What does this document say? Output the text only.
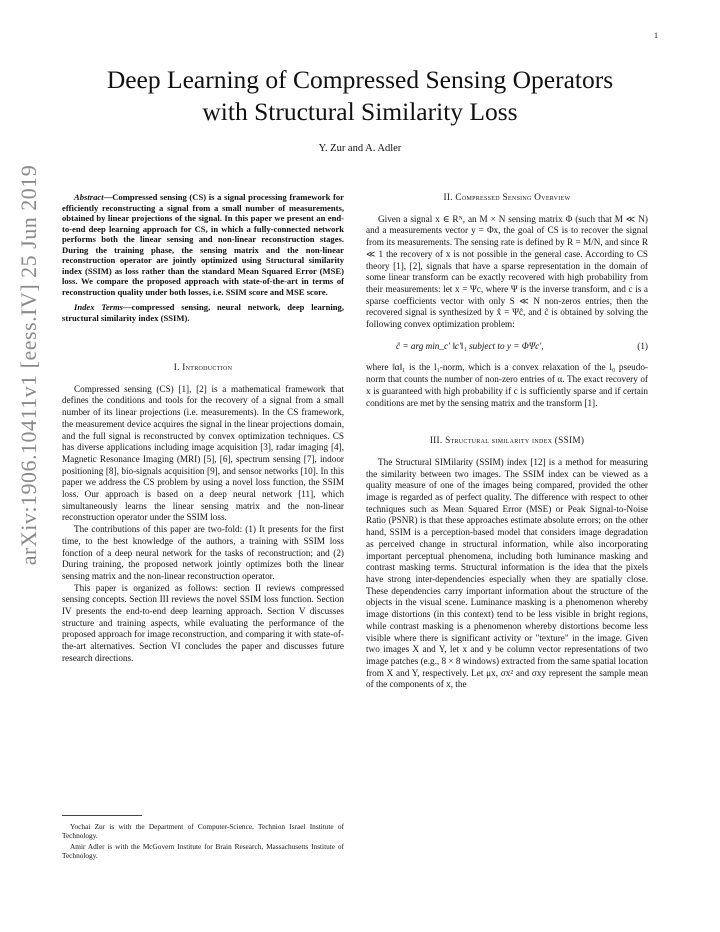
1
arXiv:1906.10411v1 [eess.IV] 25 Jun 2019
Deep Learning of Compressed Sensing Operators
with Structural Similarity Loss
Y. Zur and A. Adler

Abstract—Compressed sensing (CS) is a signal processing framework for efficiently reconstructing a signal from a small number of measurements, obtained by linear projections of the signal. In this paper we present an end-to-end deep learning approach for CS, in which a fully-connected network performs both the linear sensing and non-linear reconstruction stages. During the training phase, the sensing matrix and the non-linear reconstruction operator are jointly optimized using Structural similarity index (SSIM) as loss rather than the standard Mean Squared Error (MSE) loss. We compare the proposed approach with state-of-the-art in terms of reconstruction quality under both losses, i.e. SSIM score and MSE score.

Index Terms—compressed sensing, neural network, deep learning, structural similarity index (SSIM).

I. Introduction

Compressed sensing (CS) [1], [2] is a mathematical framework that defines the conditions and tools for the recovery of a signal from a small number of its linear projections (i.e. measurements). In the CS framework, the measurement device acquires the signal in the linear projections domain, and the full signal is reconstructed by convex optimization techniques. CS has diverse applications including image acquisition [3], radar imaging [4], Magnetic Resonance Imaging (MRI) [5], [6], spectrum sensing [7], indoor positioning [8], bio-signals acquisition [9], and sensor networks [10]. In this paper we address the CS problem by using a novel loss function, the SSIM loss. Our approach is based on a deep neural network [11], which simultaneously learns the linear sensing matrix and the non-linear reconstruction operator under the SSIM loss.

The contributions of this paper are two-fold: (1) It presents for the first time, to the best knowledge of the authors, a training with SSIM loss fonction of a deep neural network for the tasks of reconstruction; and (2) During training, the proposed network jointly optimizes both the linear sensing matrix and the non-linear reconstruction operator.

This paper is organized as follows: section II reviews compressed sensing concepts. Section III reviews the novel SSIM loss function. Section IV presents the end-to-end deep learning approach. Section V discusses structure and training aspects, while evaluating the performance of the proposed approach for image reconstruction, and comparing it with state-of-the-art alternatives. Section VI concludes the paper and discusses future research directions.

Yochai Zur is with the Department of Computer-Science, Technion Israel Institute of Technology.

Amir Adler is with the McGovern Institute for Brain Research, Massachusetts Institute of Technology.

II. Compressed Sensing Overview

Given a signal x ∈ Rᴺ, an M × N sensing matrix Φ (such that M ≪ N) and a measurements vector y = Φx, the goal of CS is to recover the signal from its measurements. The sensing rate is defined by R = M/N, and since R ≪ 1 the recovery of x is not possible in the general case. According to CS theory [1], [2], signals that have a sparse representation in the domain of some linear transform can be exactly recovered with high probability from their measurements: let x = Ψc, where Ψ is the inverse transform, and c is a sparse coefficients vector with only S ≪ N non-zeros entries, then the recovered signal is synthesized by x̂ = Ψĉ, and ĉ is obtained by solving the following convex optimization problem:

ĉ = arg min_c′ ‖c′‖₁ subject to y = ΦΨc′,	(1)

where ‖α‖₁ is the l₁-norm, which is a convex relaxation of the l₀ pseudo-norm that counts the number of non-zero entries of α. The exact recovery of x is guaranteed with high probability if c is sufficiently sparse and if certain conditions are met by the sensing matrix and the transform [1].

III. Structural similarity index (SSIM)

The Structural SIMilarity (SSIM) index [12] is a method for measuring the similarity between two images. The SSIM index can be viewed as a quality measure of one of the images being compared, provided the other image is regarded as of perfect quality. The difference with respect to other techniques such as Mean Squared Error (MSE) or Peak Signal-to-Noise Ratio (PSNR) is that these approaches estimate absolute errors; on the other hand, SSIM is a perception-based model that considers image degradation as perceived change in structural information, while also incorporating important perceptual phenomena, including both luminance masking and contrast masking terms. Structural information is the idea that the pixels have strong inter-dependencies especially when they are spatially close. These dependencies carry important information about the structure of the objects in the visual scene. Luminance masking is a phenomenon whereby image distortions (in this context) tend to be less visible in bright regions, while contrast masking is a phenomenon whereby distortions become less visible where there is significant activity or "texture" in the image. Given two images X and Y, let x and y be column vector representations of two image patches (e.g., 8 × 8 windows) extracted from the same spatial location from X and Y, respectively. Let μx, σx² and σxy represent the sample mean of the components of x, the
